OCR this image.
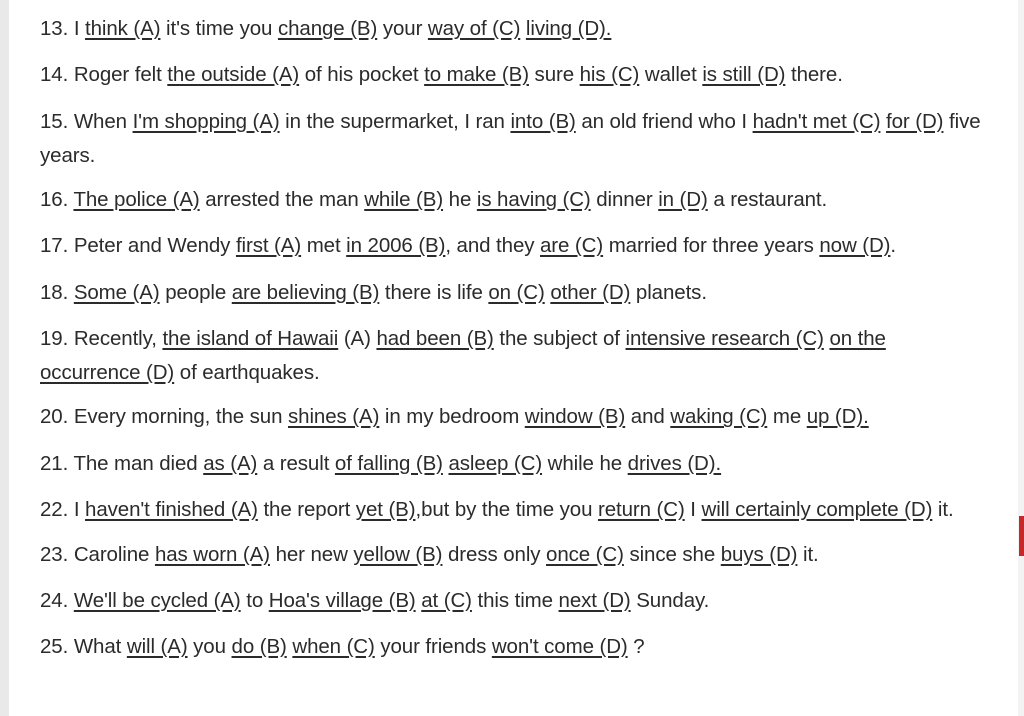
13. I think (A) it's time you change (B) your way of (C) living (D).
14. Roger felt the outside (A) of his pocket to make (B) sure his (C) wallet is still (D) there.
15. When I'm shopping (A) in the supermarket, I ran into (B) an old friend who I hadn't met (C) for (D) five years.
16. The police (A) arrested the man while (B) he is having (C) dinner in (D) a restaurant.
17. Peter and Wendy first (A) met in 2006 (B), and they are (C) married for three years now (D).
18. Some (A) people are believing (B) there is life on (C) other (D) planets.
19. Recently, the island of Hawaii (A) had been (B) the subject of intensive research (C) on the occurrence (D) of earthquakes.
20. Every morning, the sun shines (A) in my bedroom window (B) and waking (C) me up (D).
21. The man died as (A) a result of falling (B) asleep (C) while he drives (D).
22. I haven't finished (A) the report yet (B),but by the time you return (C) I will certainly complete (D) it.
23. Caroline has worn (A) her new yellow (B) dress only once (C) since she buys (D) it.
24. We'll be cycled (A) to Hoa's village (B) at (C) this time next (D) Sunday.
25. What will (A) you do (B) when (C) your friends won't come (D) ?
